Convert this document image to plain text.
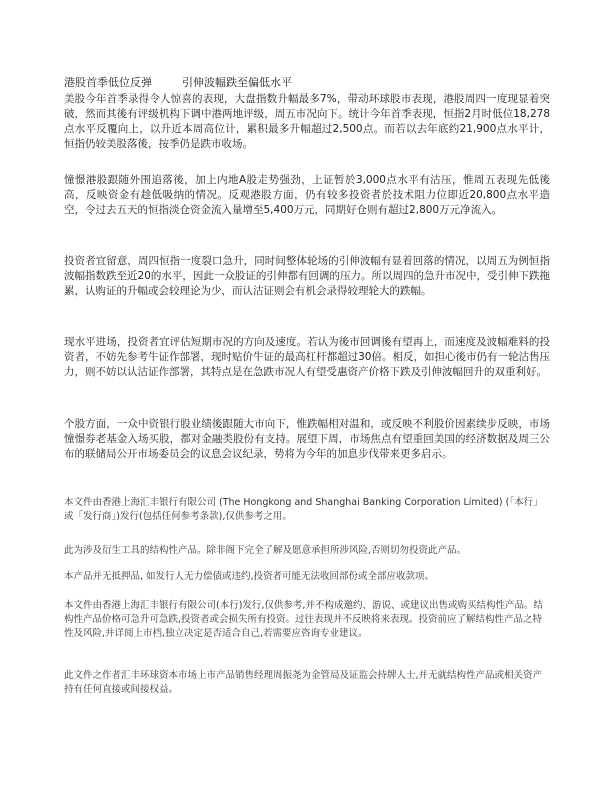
港股首季低位反弹	引伸波幅跌至偏低水平

美股今年首季录得令人惊喜的表现，大盘指数升幅最多7%，带动环球股市表现，港股周四一度现显着突破，然而其後有评级机构下调中港两地评级，周五市况向下。统计今年首季表现，恒指2月时低位18,278点水平反覆向上，以升近本周高位计，累积最多升幅超过2,500点。而若以去年底约21,900点水平计，恒指仍较美股落後，按季仍是跌市收场。

憧憬港股跟随外围追落後，加上内地A股走势强劲，上证暂於3,000点水平有沽压，惟周五表现先低後高，反映资金有趁低吸纳的情况。反观港股方面，仍有较多投资者於技术阻力位即近20,800点水平造空，令过去五天的恒指淡仓资金流入量增至5,400万元，同期好仓则有超过2,800万元净流入。

投资者宜留意，周四恒指一度裂口急升，同时间整体轮场的引伸波幅有显着回落的情况，以周五为例恒指波幅指数跌至近20的水平，因此一众股证的引伸都有回调的压力。所以周四的急升市况中，受引伸下跌拖累，认购证的升幅或会较理论为少，而认沽证则会有机会录得较理轮大的跌幅。

现水平进场，投资者宜评估短期市况的方向及速度。若认为後市回调後有望再上，而速度及波幅难料的投资者，不妨先参考牛证作部署，现时贴价牛证的最高杠杆都超过30倍。相反，如担心後市仍有一轮沽售压力，则不妨以认沽证作部署，其特点是在急跌市况人有望受惠资产价格下跌及引伸波幅回升的双重利好。

个股方面，一众中资银行股业绩後跟随大市向下，惟跌幅相对温和，或反映不利股价因素续步反映，市场憧憬券老基金入场买股，都对金融类股份有支持。展望下周，市场焦点有望重回美国的经济数据及周三公布的联储局公开市场委员会的议息会议纪录，势将为今年的加息步伐带来更多启示。

本文件由香港上海汇丰银行有限公司 (The Hongkong and Shanghai Banking Corporation Limited) (「本行」或「发行商」)发行(包括任何参考条款),仅供参考之用。

此为涉及衍生工具的结构性产品。除非阁下完全了解及愿意承担所涉风险,否则切勿投资此产品。

本产品并无抵押品, 如发行人无力偿债或违约,投资者可能无法收回部份或全部应收款项。

本文件由香港上海汇丰银行有限公司(本行)发行,仅供参考,并不构成邀约、游说、或建议出售或购买结构性产品。结构性产品价格可急升可急跌,投资者或会损失所有投资。过往表现并不反映将来表现。投资前应了解结构性产品之特性及风险,并详阅上市档,独立决定是否适合自己,若需要应咨询专业建议。

此文件之作者汇丰环球资本市场上市产品销售经理周振尧为金管局及证监会持牌人士,并无就结构性产品或相关资产持有任何直接或间接权益。
